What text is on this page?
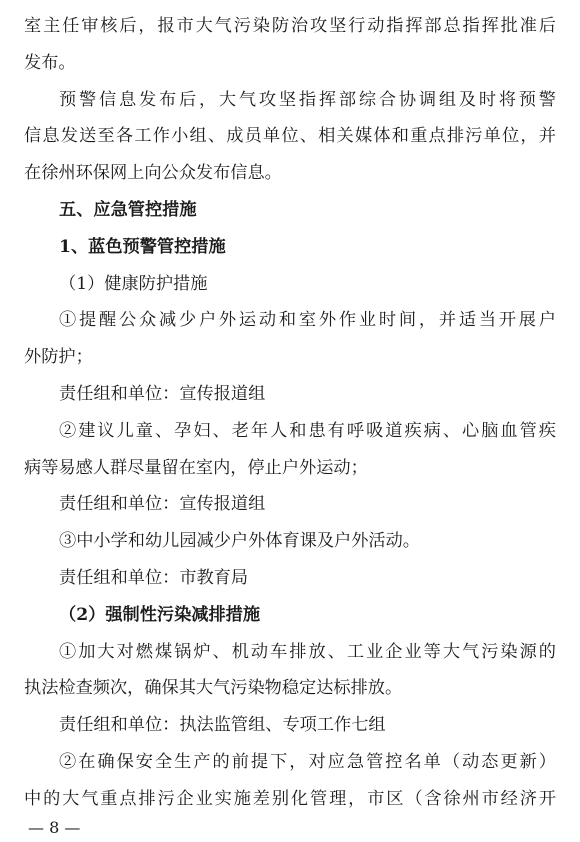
室主任审核后，报市大气污染防治攻坚行动指挥部总指挥批准后
发布。
预警信息发布后，大气攻坚指挥部综合协调组及时将预警
信息发送至各工作小组、成员单位、相关媒体和重点排污单位，并
在徐州环保网上向公众发布信息。
五、应急管控措施
1、蓝色预警管控措施
（1）健康防护措施
①提醒公众减少户外运动和室外作业时间，并适当开展户
外防护；
责任组和单位：宣传报道组
②建议儿童、孕妇、老年人和患有呼吸道疾病、心脑血管疾
病等易感人群尽量留在室内，停止户外运动；
责任组和单位：宣传报道组
③中小学和幼儿园减少户外体育课及户外活动。
责任组和单位：市教育局
（2）强制性污染减排措施
①加大对燃煤锅炉、机动车排放、工业企业等大气污染源的
执法检查频次，确保其大气污染物稳定达标排放。
责任组和单位：执法监管组、专项工作七组
②在确保安全生产的前提下，对应急管控名单（动态更新）
中的大气重点排污企业实施差别化管理，市区（含徐州市经济开
— 8 —
